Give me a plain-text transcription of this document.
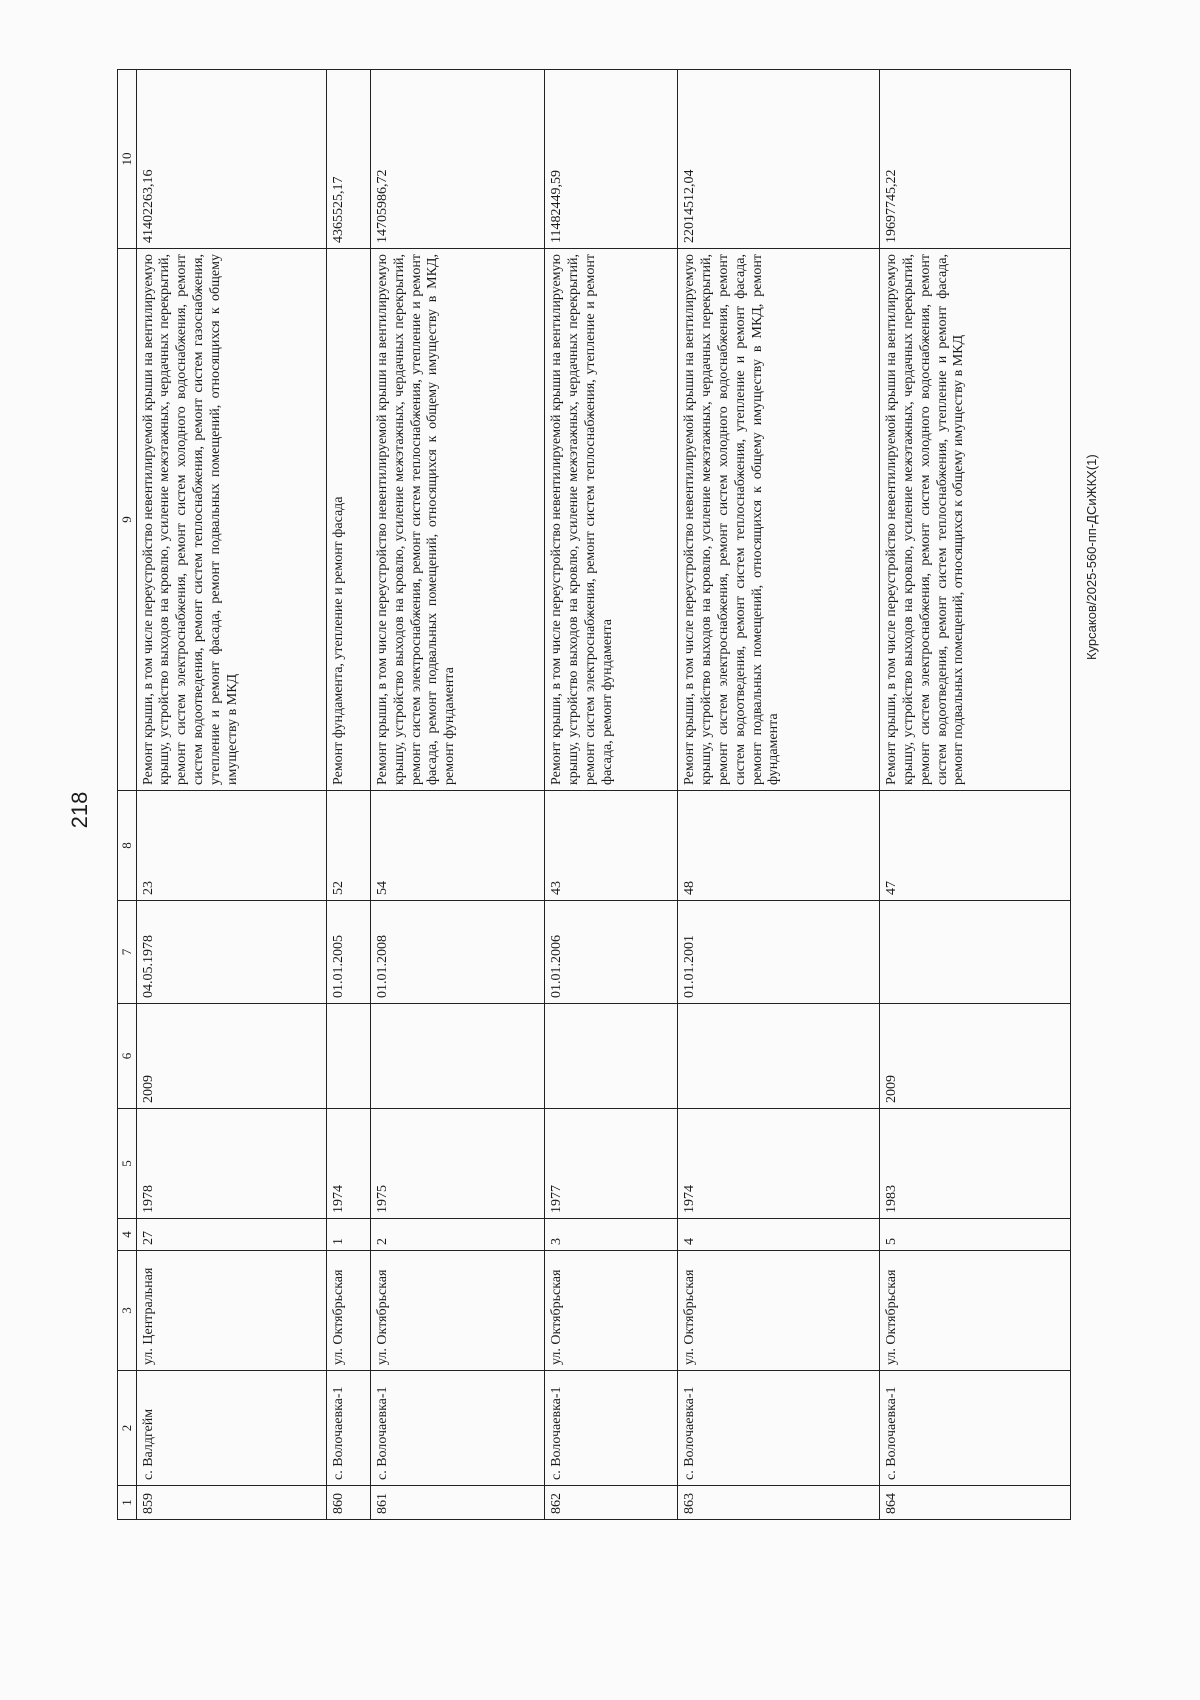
218
Курсаков/2025-560-пп-ДСиЖКХ(1)
1	2	3	4	5	6	7	8	9	10
859	с. Валдгейм	ул. Центральная	27	1978	2009	04.05.1978	23	Ремонт крыши, в том числе переустройство невентилируемой крыши на вентилируемую крышу, устройство выходов на кровлю, усиление межэтажных, чердачных перекрытий, ремонт систем электроснабжения, ремонт систем холодного водоснабжения, ремонт систем водоотведения, ремонт систем теплоснабжения, ремонт систем газоснабжения, утепление и ремонт фасада, ремонт подвальных помещений, относящихся к общему имуществу в МКД	41402263,16
860	с. Волочаевка-1	ул. Октябрьская	1	1974		01.01.2005	52	Ремонт фундамента, утепление и ремонт фасада	4365525,17
861	с. Волочаевка-1	ул. Октябрьская	2	1975		01.01.2008	54	Ремонт крыши, в том числе переустройство невентилируемой крыши на вентилируемую крышу, устройство выходов на кровлю, усиление межэтажных, чердачных перекрытий, ремонт систем электроснабжения, ремонт систем теплоснабжения, утепление и ремонт фасада, ремонт подвальных помещений, относящихся к общему имуществу в МКД, ремонт фундамента	14705986,72
862	с. Волочаевка-1	ул. Октябрьская	3	1977		01.01.2006	43	Ремонт крыши, в том числе переустройство невентилируемой крыши на вентилируемую крышу, устройство выходов на кровлю, усиление межэтажных, чердачных перекрытий, ремонт систем электроснабжения, ремонт систем теплоснабжения, утепление и ремонт фасада, ремонт фундамента	11482449,59
863	с. Волочаевка-1	ул. Октябрьская	4	1974		01.01.2001	48	Ремонт крыши, в том числе переустройство невентилируемой крыши на вентилируемую крышу, устройство выходов на кровлю, усиление межэтажных, чердачных перекрытий, ремонт систем электроснабжения, ремонт систем холодного водоснабжения, ремонт систем водоотведения, ремонт систем теплоснабжения, утепление и ремонт фасада, ремонт подвальных помещений, относящихся к общему имуществу в МКД, ремонт фундамента	22014512,04
864	с. Волочаевка-1	ул. Октябрьская	5	1983	2009		47	Ремонт крыши, в том числе переустройство невентилируемой крыши на вентилируемую крышу, устройство выходов на кровлю, усиление межэтажных, чердачных перекрытий, ремонт систем электроснабжения, ремонт систем холодного водоснабжения, ремонт систем водоотведения, ремонт систем теплоснабжения, утепление и ремонт фасада, ремонт подвальных помещений, относящихся к общему имуществу в МКД	19697745,22
